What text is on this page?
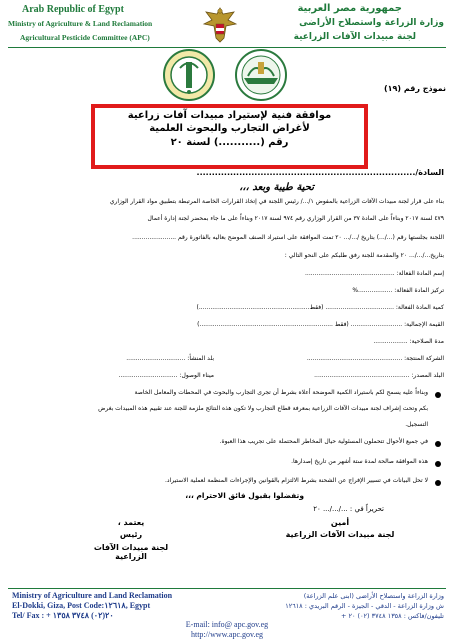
Arab Republic of Egypt
Ministry of Agriculture & Land Reclamation
Agricultural Pesticide Committee (APC)
جمهورية مصر العربية
وزارة الزراعة واستصلاح الأراضى
لجنة مبيدات الآفات الزراعية
نموذج رقم (١٩)
موافقة فنية لإستيراد مبيدات آفات زراعية
لأغراض التجارب والبحوث العلمية
رقم (...........) لسنة ٢٠
السادة/........................................................................
تحية طيبة وبعد ،،،
بناء على قرار لجنة مبيدات الآفات الزراعية بالمفوض ١/.../ رئيس اللجنة في إتخاذ القرارات الخاصة المرتبطة بتطبيق مواد القرار الوزاري
٤٧٩ لسنة ٢٠١٧ وبناءاً على المادة ٣٧ من القرار الوزاري رقم ٩٧٤ لسنة ٢٠١٧ وبناءاً على ما جاء بمحضر لجنة إدارة أعمال
اللجنة بجلستها رقم (.../...) بتاريخ /.../... ٢٠ تمت الموافقة على استيراد الصنف الموضح بعاليه بالفاتورة رقم .......................
بتاريخ.../.../... ٢٠ والمقدمة للجنة رفق طلبكم على النحو التالي :
إسم المادة الفعالة: ...............................................
تركيز المادة الفعالة: ..................%
كمية المادة الفعالة: .................................... (فقط..........................................................)
القيمة الإجمالية: ........................... (فقط ......................................................................)
مدة الصلاحية: ..................
الشركة المنتجة: ..................................................
بلد المنشأ: ...............................
البلد المصدر: ..................................................
ميناء الوصول: ...............................
وبناءاً عليه يسمح لكم باستيراد الكمية الموضحة أعلاه بشرط أن تجرى التجارب والبحوث في المحطات والمعامل الخاصة
بكم وتحت إشراف لجنة مبيدات الآفات الزراعية بمعرفة قطاع التجارب ولا تكون هذه النتائج ملزمة للجنة عند تقييم هذه المبيدات بغرض
التسجيل.
في جميع الأحوال تتحملون المسئولية حيال المخاطر المحتملة على تجريب هذا العبوة.
هذه الموافقة صالحة لمدة ستة أشهر من تاريخ إصدارها.
لا تحل البيانات في تسيير الإفراج عن الشحنة بشرط الالتزام بالقوانين والإجراءات المنظمة لعملية الاستيراد.
وتفضلوا بقبول فائق الاحترام ،،،
تحريراً في : .../.../... ٢٠
يعتمد ،
رئيس
لجنة مبيدات الآفات الزراعية
أمين
لجنة مبيدات الآفات الزراعية
Ministry of Agriculture and Land Reclamation
El-Dokki, Giza, Post Code:١٢٦١٨, Egypt
Tel/ Fax : + ٢٠(٠٢) ٣٧٤٨ ١٣٥٨
وزارة الزراعة واستصلاح الأراضى (ابنى علم الزراعة)
ش وزارة الزراعة - الدقي - الجيزة - الرقم البريدي : ١٢٦١٨
تليفون/فاكس : ١٣٥٨ ٣٧٤٨ (٠٢) ٢٠ +
E-mail: info@ apc.gov.eg
http://www.apc.gov.eg
